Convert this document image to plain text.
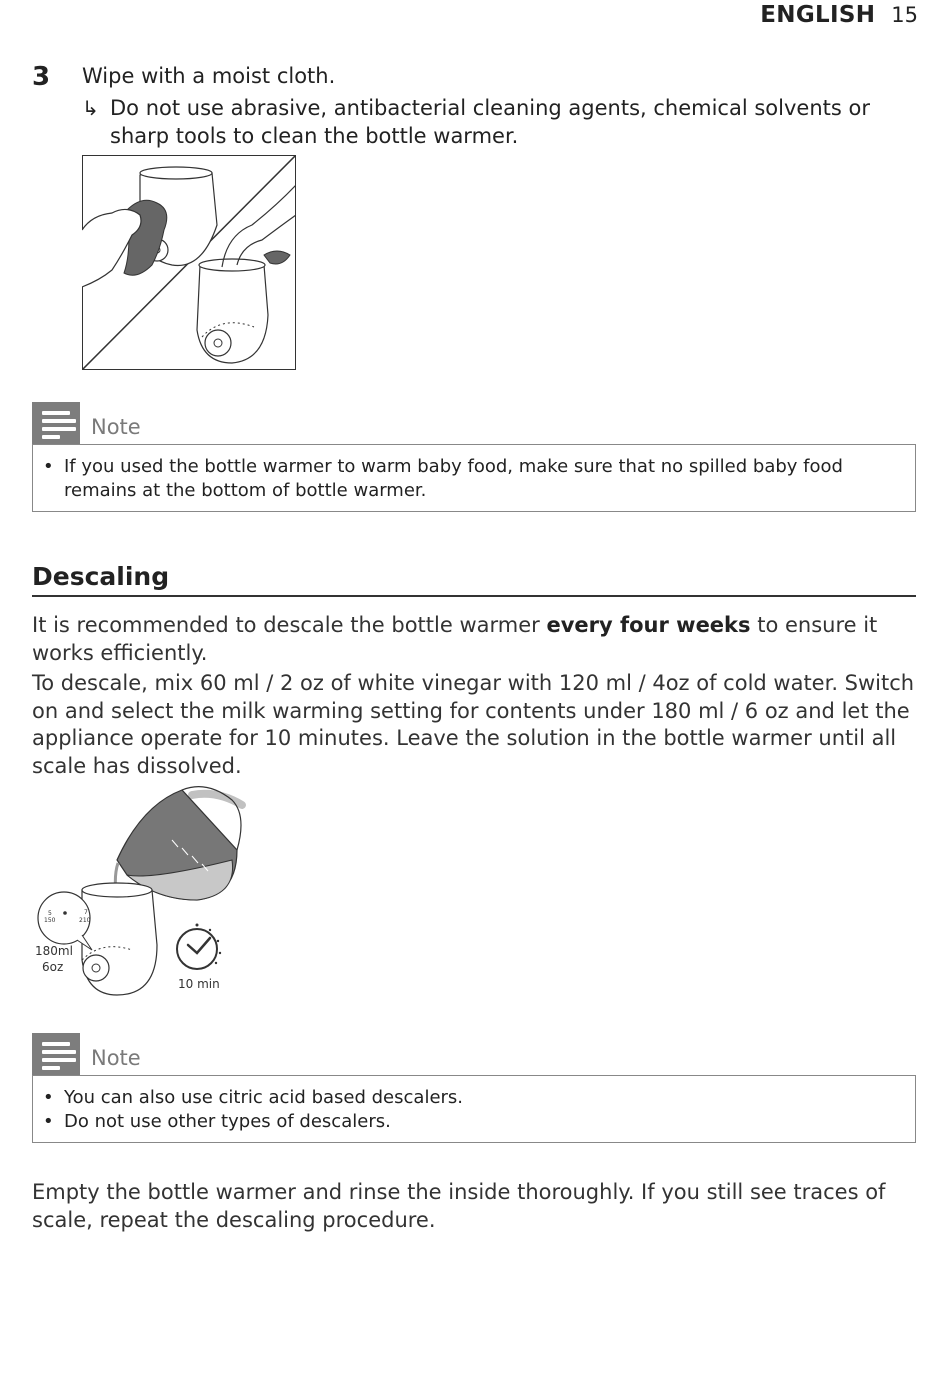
ENGLISH 15
3 Wipe with a moist cloth.
↳ Do not use abrasive, antibacterial cleaning agents, chemical solvents or sharp tools to clean the bottle warmer.
Note
• If you used the bottle warmer to warm baby food, make sure that no spilled baby food remains at the bottom of bottle warmer.
Descaling
It is recommended to descale the bottle warmer every four weeks to ensure it works efficiently.
To descale, mix 60 ml / 2 oz of white vinegar with 120 ml / 4oz of cold water. Switch on and select the milk warming setting for contents under 180 ml / 6 oz and let the appliance operate for 10 minutes. Leave the solution in the bottle warmer until all scale has dissolved.
5
150
7
210
180ml
6oz
10 min
Note
• You can also use citric acid based descalers.
• Do not use other types of descalers.
Empty the bottle warmer and rinse the inside thoroughly. If you still see traces of scale, repeat the descaling procedure.
